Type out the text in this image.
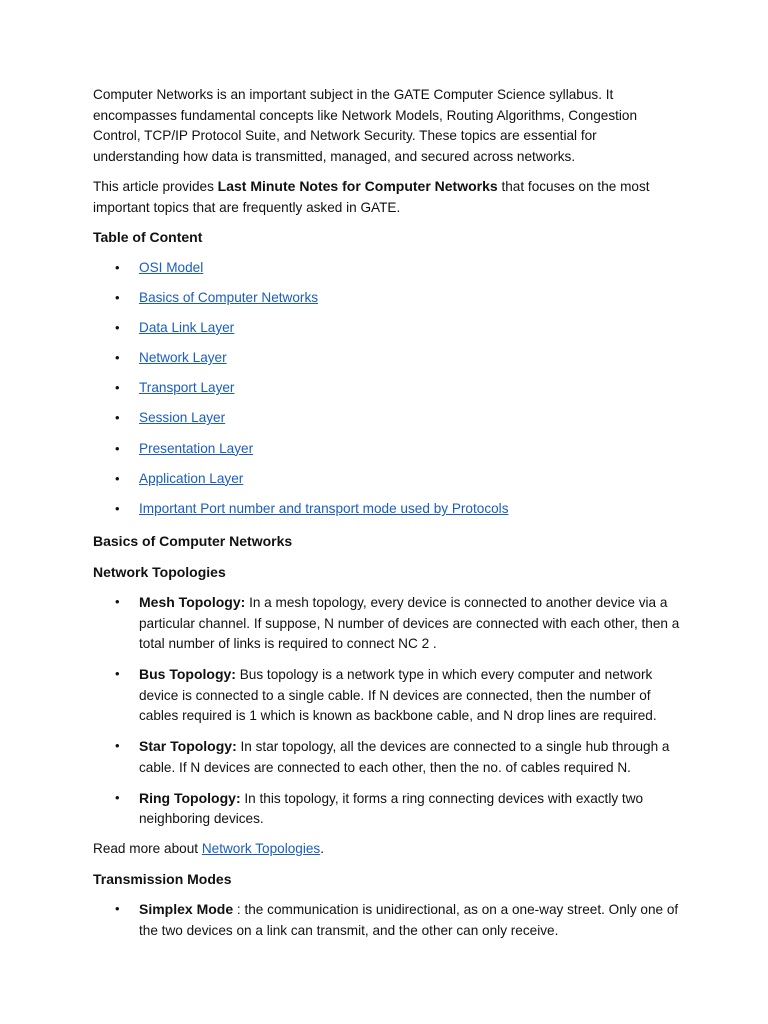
Computer Networks is an important subject in the GATE Computer Science syllabus. It encompasses fundamental concepts like Network Models, Routing Algorithms, Congestion Control, TCP/IP Protocol Suite, and Network Security. These topics are essential for understanding how data is transmitted, managed, and secured across networks.

This article provides Last Minute Notes for Computer Networks that focuses on the most important topics that are frequently asked in GATE.

Table of Content
• OSI Model
• Basics of Computer Networks
• Data Link Layer
• Network Layer
• Transport Layer
• Session Layer
• Presentation Layer
• Application Layer
• Important Port number and transport mode used by Protocols
Basics of Computer Networks
Network Topologies
• Mesh Topology: In a mesh topology, every device is connected to another device via a particular channel. If suppose, N number of devices are connected with each other, then a total number of links is required to connect NC 2 .
• Bus Topology: Bus topology is a network type in which every computer and network device is connected to a single cable. If N devices are connected, then the number of cables required is 1 which is known as backbone cable, and N drop lines are required.
• Star Topology: In star topology, all the devices are connected to a single hub through a cable. If N devices are connected to each other, then the no. of cables required N.
• Ring Topology: In this topology, it forms a ring connecting devices with exactly two neighboring devices.

Read more about Network Topologies.

Transmission Modes
• Simplex Mode : the communication is unidirectional, as on a one-way street. Only one of the two devices on a link can transmit, and the other can only receive.
